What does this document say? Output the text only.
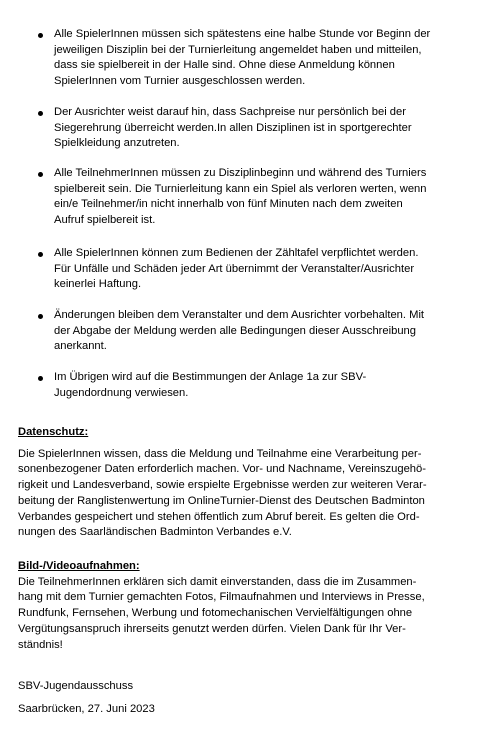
Alle SpielerInnen müssen sich spätestens eine halbe Stunde vor Beginn der
jeweiligen Disziplin bei der Turnierleitung angemeldet haben und mitteilen,
dass sie spielbereit in der Halle sind. Ohne diese Anmeldung können
SpielerInnen vom Turnier ausgeschlossen werden.
Der Ausrichter weist darauf hin, dass Sachpreise nur persönlich bei der
Siegerehrung überreicht werden.In allen Disziplinen ist in sportgerechter
Spielkleidung anzutreten.
Alle TeilnehmerInnen müssen zu Disziplinbeginn und während des Turniers
spielbereit sein. Die Turnierleitung kann ein Spiel als verloren werten, wenn
ein/e Teilnehmer/in nicht innerhalb von fünf Minuten nach dem zweiten
Aufruf spielbereit ist.
Alle SpielerInnen können zum Bedienen der Zähltafel verpflichtet werden.
Für Unfälle und Schäden jeder Art übernimmt der Veranstalter/Ausrichter
keinerlei Haftung.
Änderungen bleiben dem Veranstalter und dem Ausrichter vorbehalten. Mit
der Abgabe der Meldung werden alle Bedingungen dieser Ausschreibung
anerkannt.
Im Übrigen wird auf die Bestimmungen der Anlage 1a zur SBV-
Jugendordnung verwiesen.
Datenschutz:
Die SpielerInnen wissen, dass die Meldung und Teilnahme eine Verarbeitung per-
sonenbezogener Daten erforderlich machen. Vor- und Nachname, Vereinszugehö-
rigkeit und Landesverband, sowie erspielte Ergebnisse werden zur weiteren Verar-
beitung der Ranglistenwertung im OnlineTurnier-Dienst des Deutschen Badminton
Verbandes gespeichert und stehen öffentlich zum Abruf bereit. Es gelten die Ord-
nungen des Saarländischen Badminton Verbandes e.V.
Bild-/Videoaufnahmen:
Die TeilnehmerInnen erklären sich damit einverstanden, dass die im Zusammen-
hang mit dem Turnier gemachten Fotos, Filmaufnahmen und Interviews in Presse,
Rundfunk, Fernsehen, Werbung und fotomechanischen Vervielfältigungen ohne
Vergütungsanspruch ihrerseits genutzt werden dürfen. Vielen Dank für Ihr Ver-
ständnis!
SBV-Jugendausschuss
Saarbrücken, 27. Juni 2023
